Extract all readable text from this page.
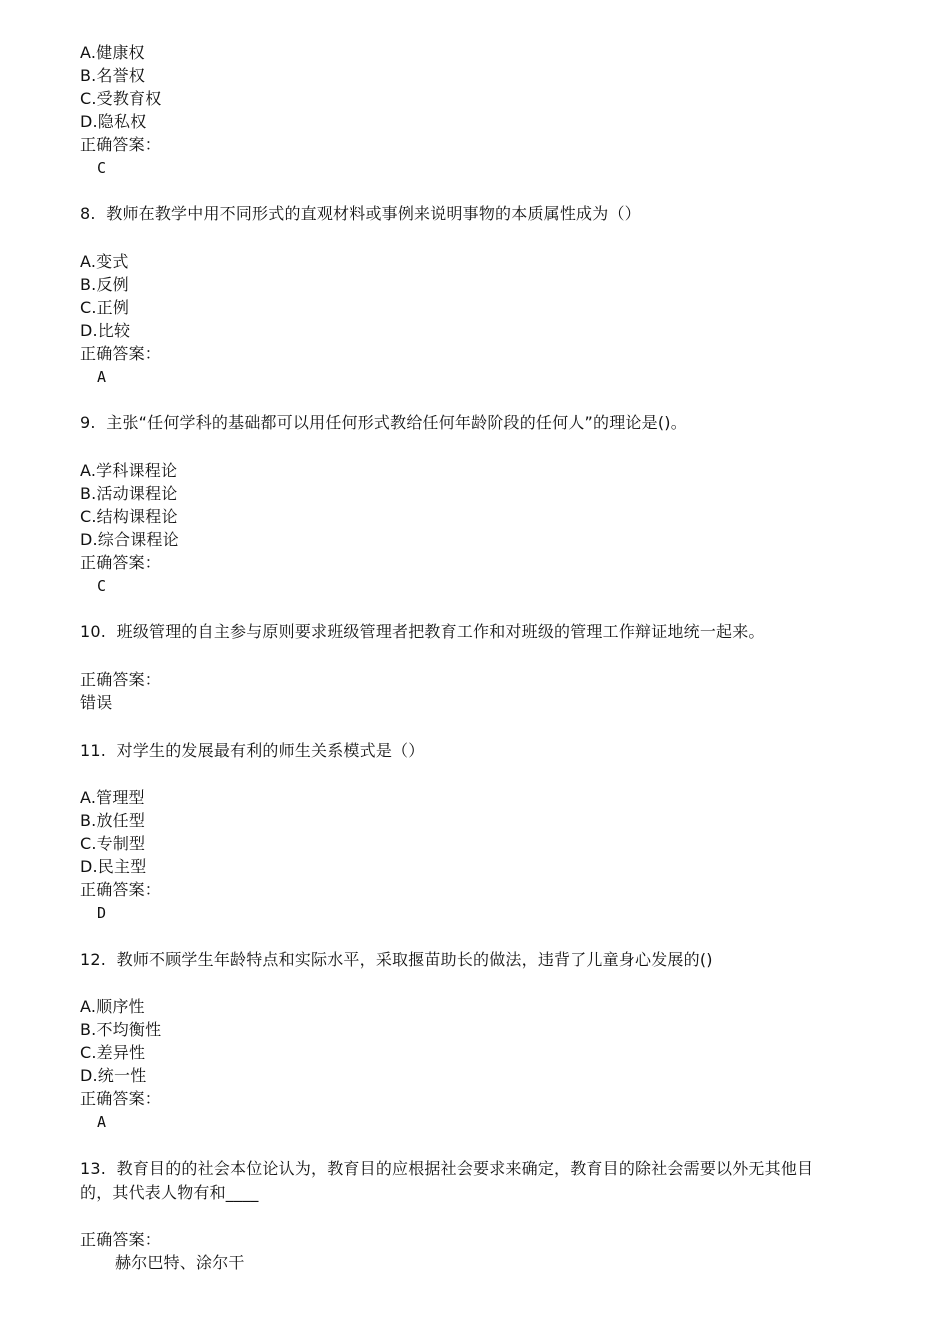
A.健康权
B.名誉权
C.受教育权
D.隐私权
正确答案：
C
8.  教师在教学中用不同形式的直观材料或事例来说明事物的本质属性成为（）
A.变式
B.反例
C.正例
D.比较
正确答案：
A
9.  主张“任何学科的基础都可以用任何形式教给任何年龄阶段的任何人”的理论是()。
A.学科课程论
B.活动课程论
C.结构课程论
D.综合课程论
正确答案：
C
10.  班级管理的自主参与原则要求班级管理者把教育工作和对班级的管理工作辩证地统一起来。
正确答案：
错误
11.  对学生的发展最有利的师生关系模式是（）
A.管理型
B.放任型
C.专制型
D.民主型
正确答案：
D
12.  教师不顾学生年龄特点和实际水平，采取揠苗助长的做法，违背了儿童身心发展的()
A.顺序性
B.不均衡性
C.差异性
D.统一性
正确答案：
A
13.  教育目的的社会本位论认为，教育目的应根据社会要求来确定，教育目的除社会需要以外无其他目
的，其代表人物有和____
正确答案：
赫尔巴特、涂尔干
